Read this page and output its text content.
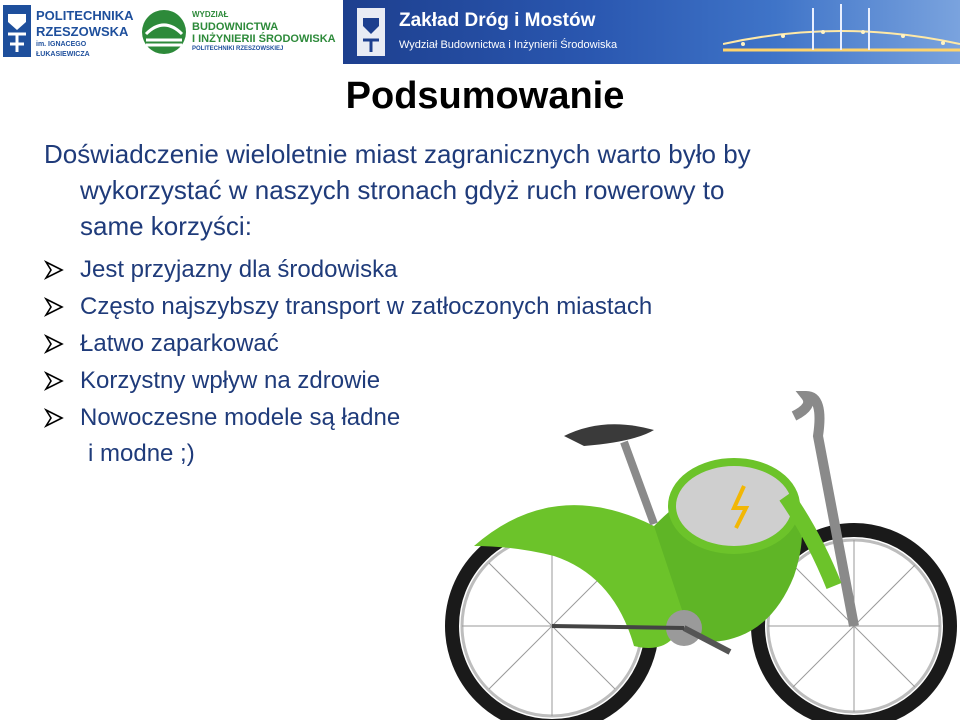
POLITECHNIKA
RZESZOWSKA
im. IGNACEGO ŁUKASIEWICZA
WYDZIAŁ
BUDOWNICTWA
I INŻYNIERII ŚRODOWISKA
POLITECHNIKI RZESZOWSKIEJ
Zakład Dróg i Mostów
Wydział Budownictwa i Inżynierii Środowiska
Podsumowanie
Doświadczenie wieloletnie miast zagranicznych warto było by
wykorzystać w naszych stronach gdyż ruch rowerowy to
same korzyści:
Jest przyjazny dla środowiska
Często najszybszy transport w zatłoczonych miastach
Łatwo zaparkować
Korzystny wpływ na zdrowie
Nowoczesne modele są ładne
i modne ;)
